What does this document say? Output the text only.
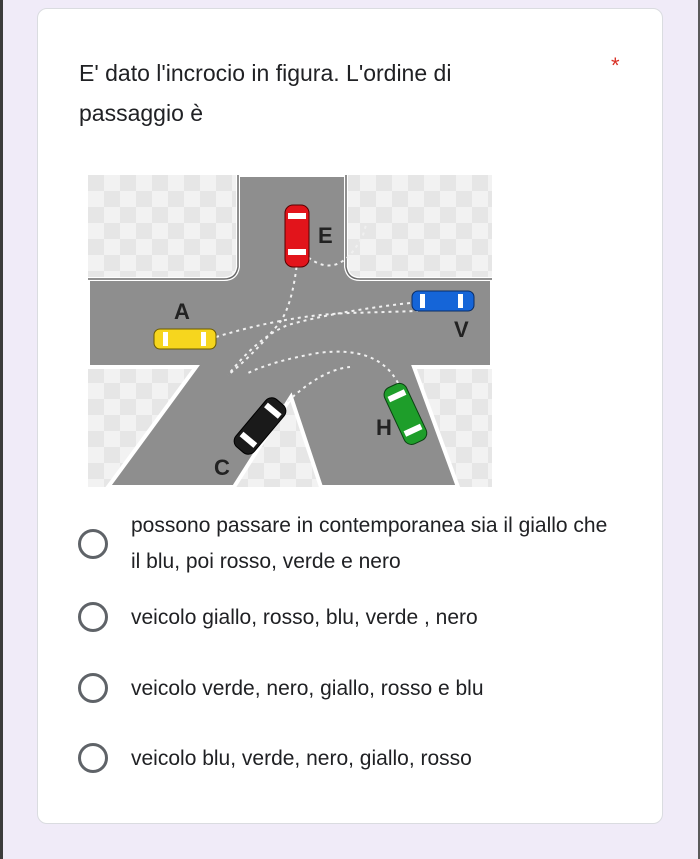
E' dato l'incrocio in figura. L'ordine di passaggio è
*
E
A
V
H
C
possono passare in contemporanea sia il giallo che il blu, poi rosso, verde e nero
veicolo giallo, rosso, blu, verde , nero
veicolo verde, nero, giallo, rosso e blu
veicolo blu, verde, nero, giallo, rosso
